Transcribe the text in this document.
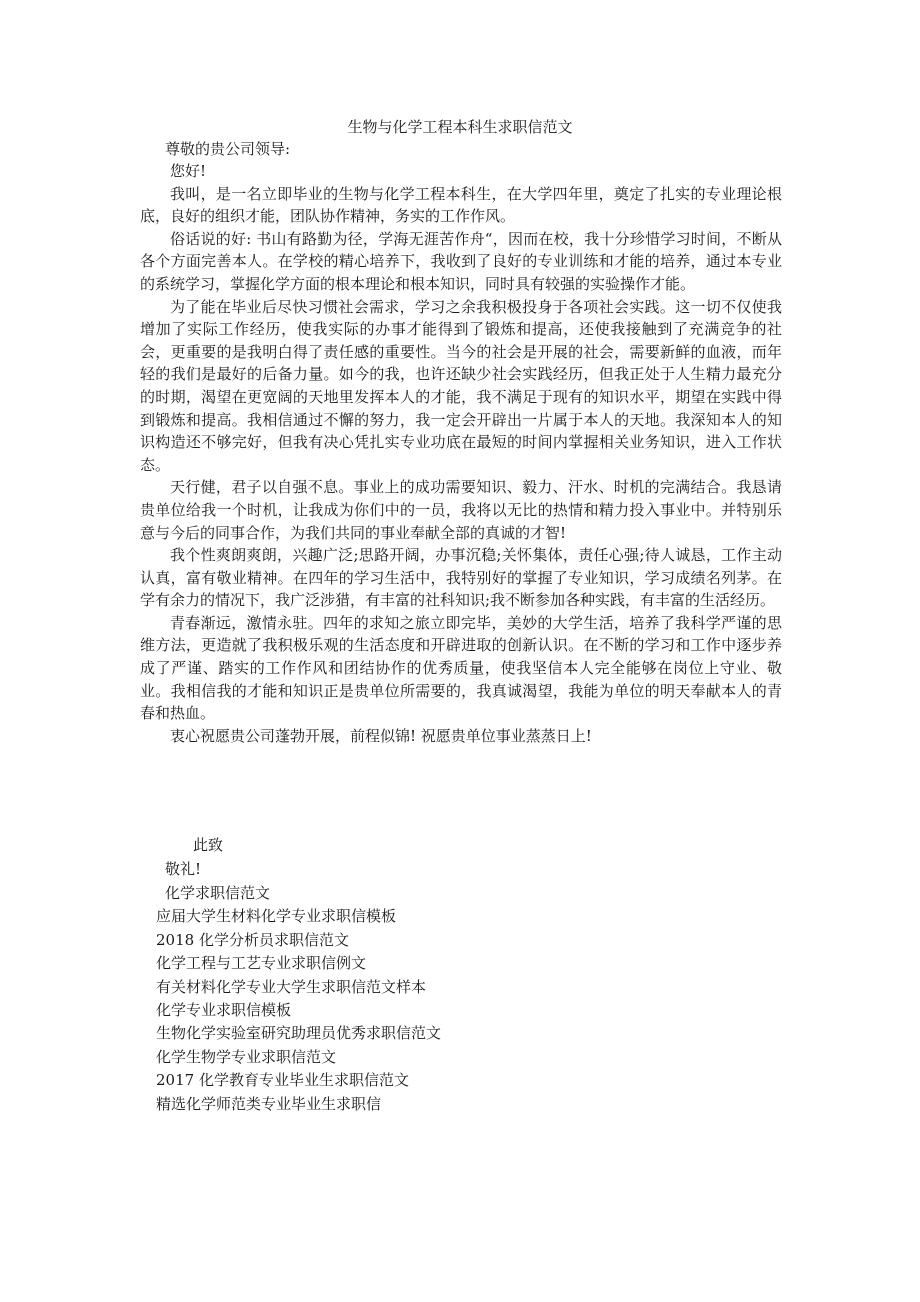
生物与化学工程本科生求职信范文
尊敬的贵公司领导:

您好!

我叫，是一名立即毕业的生物与化学工程本科生，在大学四年里，奠定了扎实的专业理论根底，良好的组织才能，团队协作精神，务实的工作作风。

俗话说的好: 书山有路勤为径，学海无涯苦作舟“，因而在校，我十分珍惜学习时间，不断从各个方面完善本人。在学校的精心培养下，我收到了良好的专业训练和才能的培养，通过本专业的系统学习，掌握化学方面的根本理论和根本知识，同时具有较强的实验操作才能。

为了能在毕业后尽快习惯社会需求，学习之余我积极投身于各项社会实践。这一切不仅使我增加了实际工作经历，使我实际的办事才能得到了锻炼和提高，还使我接触到了充满竞争的社会，更重要的是我明白得了责任感的重要性。当今的社会是开展的社会，需要新鲜的血液，而年轻的我们是最好的后备力量。如今的我，也许还缺少社会实践经历，但我正处于人生精力最充分的时期，渴望在更宽阔的天地里发挥本人的才能，我不满足于现有的知识水平，期望在实践中得到锻炼和提高。我相信通过不懈的努力，我一定会开辟出一片属于本人的天地。我深知本人的知识构造还不够完好，但我有决心凭扎实专业功底在最短的时间内掌握相关业务知识，进入工作状态。

天行健，君子以自强不息。事业上的成功需要知识、毅力、汗水、时机的完满结合。我恳请贵单位给我一个时机，让我成为你们中的一员，我将以无比的热情和精力投入事业中。并特别乐意与今后的同事合作，为我们共同的事业奉献全部的真诚的才智!

我个性爽朗爽朗，兴趣广泛;思路开阔，办事沉稳;关怀集体，责任心强;待人诚恳，工作主动认真，富有敬业精神。在四年的学习生活中，我特别好的掌握了专业知识，学习成绩名列茅。在学有余力的情况下，我广泛涉猎，有丰富的社科知识;我不断参加各种实践，有丰富的生活经历。

青春渐远，激情永驻。四年的求知之旅立即完毕，美妙的大学生活，培养了我科学严谨的思维方法，更造就了我积极乐观的生活态度和开辟进取的创新认识。在不断的学习和工作中逐步养成了严谨、踏实的工作作风和团结协作的优秀质量，使我坚信本人完全能够在岗位上守业、敬业。我相信我的才能和知识正是贵单位所需要的，我真诚渴望，我能为单位的明天奉献本人的青春和热血。

衷心祝愿贵公司蓬勃开展，前程似锦! 祝愿贵单位事业蒸蒸日上!

此致
敬礼!
化学求职信范文
应届大学生材料化学专业求职信模板
2018 化学分析员求职信范文
化学工程与工艺专业求职信例文
有关材料化学专业大学生求职信范文样本
化学专业求职信模板
生物化学实验室研究助理员优秀求职信范文
化学生物学专业求职信范文
2017 化学教育专业毕业生求职信范文
精选化学师范类专业毕业生求职信
